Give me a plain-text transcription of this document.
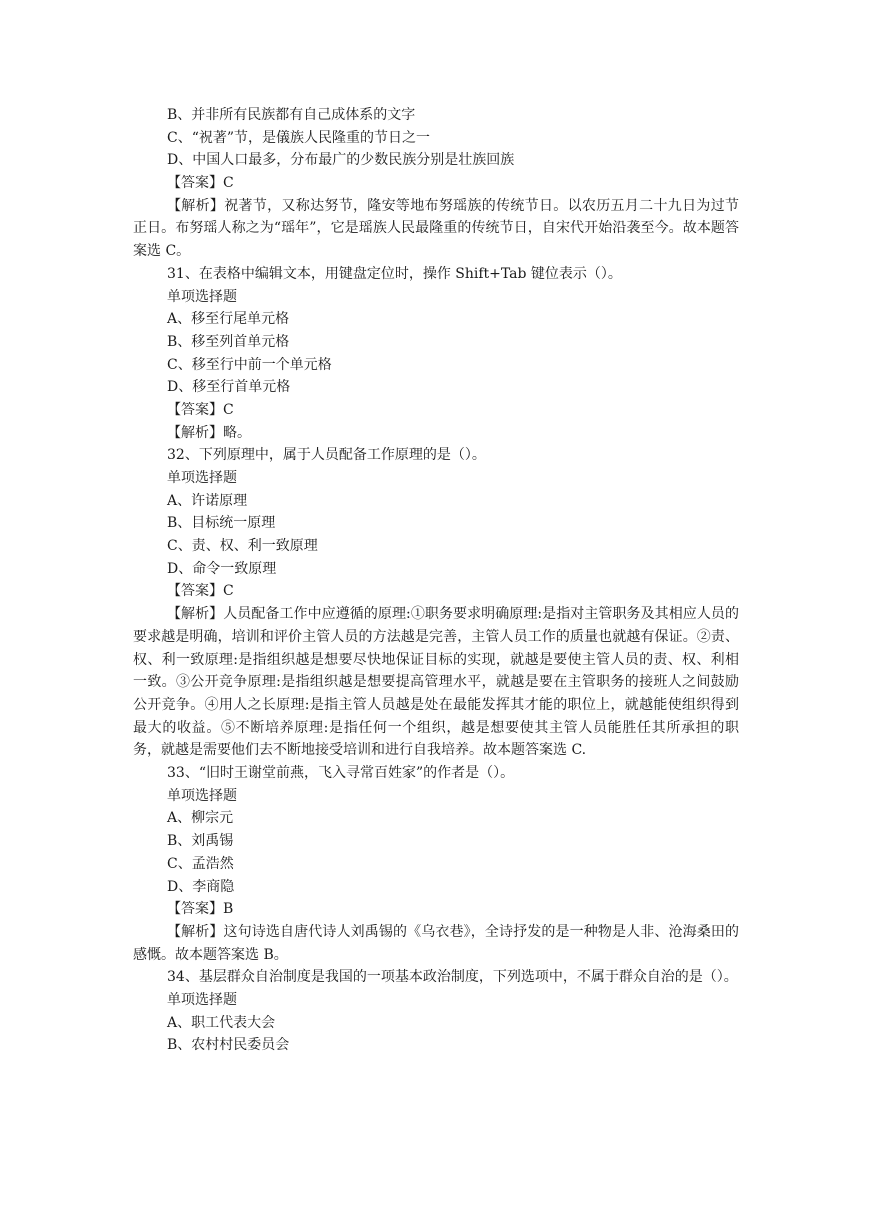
B、并非所有民族都有自己成体系的文字

C、“祝著”节，是儀族人民隆重的节日之一

D、中国人口最多，分布最广的少数民族分别是壮族回族

【答案】C

【解析】祝著节，又称达努节，隆安等地布努瑶族的传统节日。以农历五月二十九日为过节正日。布努瑶人称之为“瑶年”，它是瑶族人民最隆重的传统节日，自宋代开始沿袭至今。故本题答案选 C。

31、在表格中编辑文本，用键盘定位时，操作 Shift+Tab 键位表示（）。

单项选择题

A、移至行尾单元格

B、移至列首单元格

C、移至行中前一个单元格

D、移至行首单元格

【答案】C

【解析】略。

32、下列原理中，属于人员配备工作原理的是（）。

单项选择题

A、许诺原理

B、目标统一原理

C、责、权、利一致原理

D、命令一致原理

【答案】C

【解析】人员配备工作中应遵循的原理:①职务要求明确原理:是指对主管职务及其相应人员的要求越是明确，培训和评价主管人员的方法越是完善，主管人员工作的质量也就越有保证。②责、权、利一致原理:是指组织越是想要尽快地保证目标的实现，就越是要使主管人员的责、权、利相一致。③公开竞争原理:是指组织越是想要提高管理水平，就越是要在主管职务的接班人之间鼓励公开竞争。④用人之长原理:是指主管人员越是处在最能发挥其才能的职位上，就越能使组织得到最大的收益。⑤不断培养原理:是指任何一个组织，越是想要使其主管人员能胜任其所承担的职务，就越是需要他们去不断地接受培训和进行自我培养。故本题答案选 C.

33、“旧时王谢堂前燕，飞入寻常百姓家”的作者是（）。

单项选择题

A、柳宗元

B、刘禹锡

C、孟浩然

D、李商隐

【答案】B

【解析】这句诗选自唐代诗人刘禹锡的《乌衣巷》，全诗抒发的是一种物是人非、沧海桑田的感慨。故本题答案选 B。

34、基层群众自治制度是我国的一项基本政治制度，下列选项中，不属于群众自治的是（）。

单项选择题

A、职工代表大会

B、农村村民委员会
